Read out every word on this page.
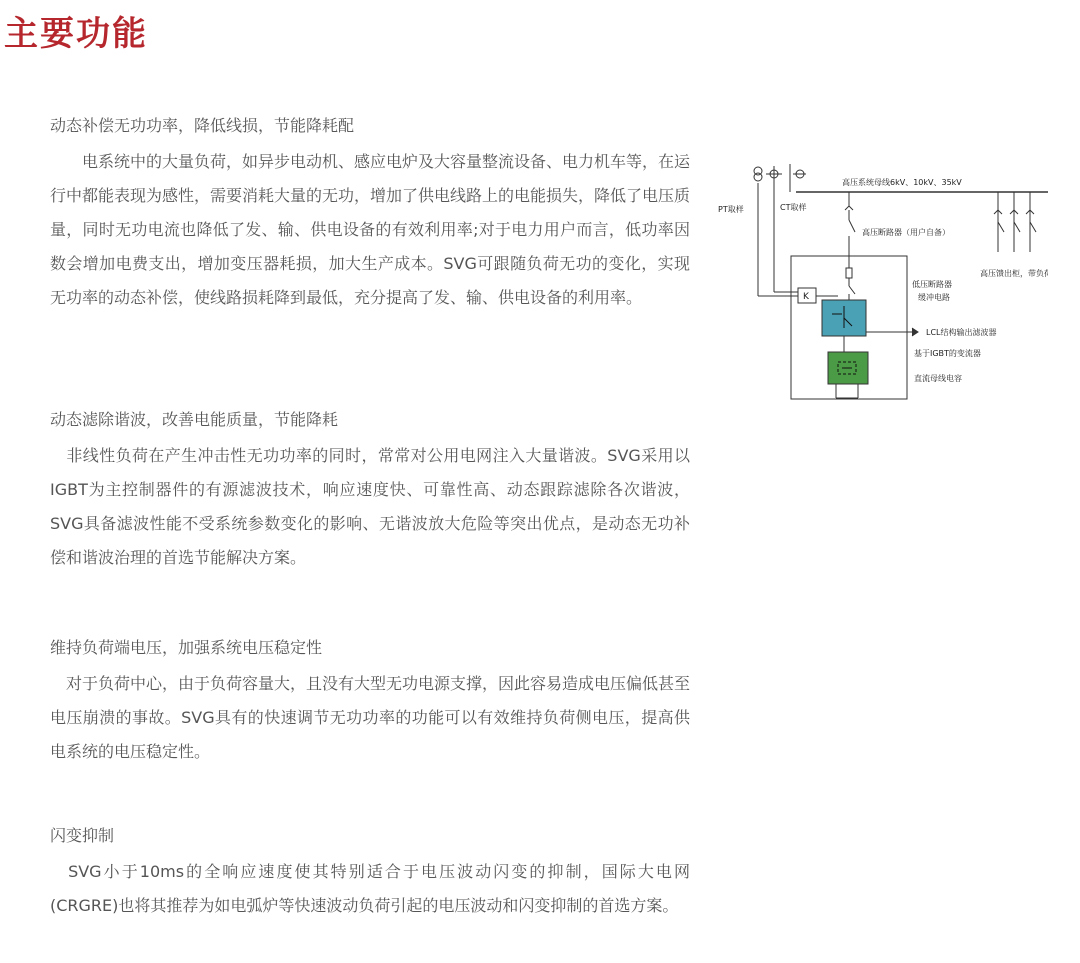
主要功能
动态补偿无功功率，降低线损，节能降耗配
　　电系统中的大量负荷，如异步电动机、感应电炉及大容量整流设备、电力机车等，在运行中都能表现为感性，需要消耗大量的无功，增加了供电线路上的电能损失，降低了电压质量，同时无功电流也降低了发、输、供电设备的有效利用率;对于电力用户而言，低功率因数会增加电费支出，增加变压器耗损，加大生产成本。SVG可跟随负荷无功的变化，实现无功率的动态补偿，使线路损耗降到最低，充分提高了发、输、供电设备的利用率。
动态滤除谐波，改善电能质量，节能降耗
　非线性负荷在产生冲击性无功功率的同时，常常对公用电网注入大量谐波。SVG采用以IGBT为主控制器件的有源滤波技术，响应速度快、可靠性高、动态跟踪滤除各次谐波，SVG具备滤波性能不受系统参数变化的影响、无谐波放大危险等突出优点，是动态无功补偿和谐波治理的首选节能解决方案。
维持负荷端电压，加强系统电压稳定性
　对于负荷中心，由于负荷容量大，且没有大型无功电源支撑，因此容易造成电压偏低甚至电压崩溃的事故。SVG具有的快速调节无功功率的功能可以有效维持负荷侧电压，提高供电系统的电压稳定性。
闪变抑制
　SVG小于10ms的全响应速度使其特别适合于电压波动闪变的抑制，国际大电网(CRGRE)也将其推荐为如电弧炉等快速波动负荷引起的电压波动和闪变抑制的首选方案。
高压系统母线6kV、10kV、35kV
PT取样	CT取样
高压断路器（用户自备）
低压断路器
缓冲电路
K
LCL结构输出滤波器
基于IGBT的变流器
直流母线电容
高压馈出柜，带负荷
